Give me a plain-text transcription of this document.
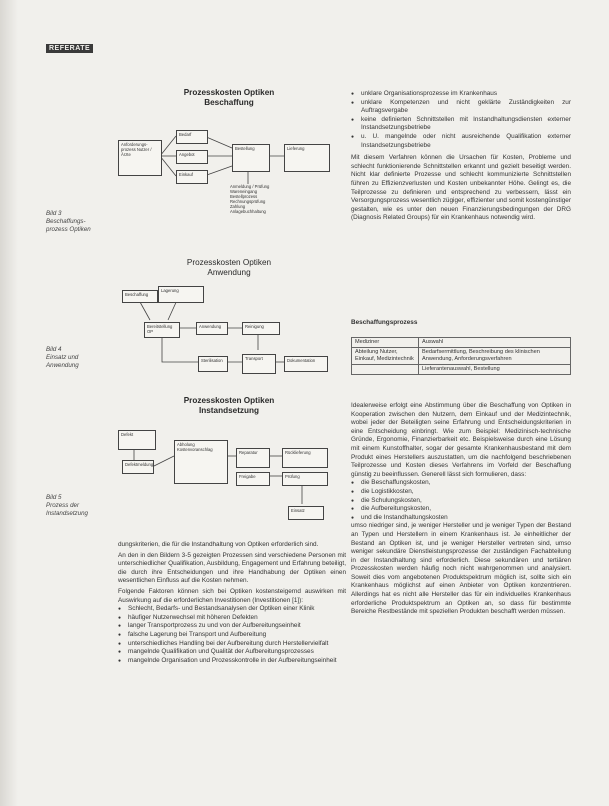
REFERATE
Bild 3
Beschaffungs-
prozess Optiken
Bild 4
Einsatz und
Anwendung
Bild 5
Prozess der
Instandsetzung
Prozesskosten Optiken
Beschaffung
Anforderungs-prozess Nutzer / Ärzte
Bedarf
Angebot
Einkauf
Bestellung	Lieferung
Anmeldung / Prüfung
Wareneingang
Bestellprozess
Rechnungsprüfung
Zahlung
Anlagebuchhaltung
Prozesskosten Optiken
Anwendung
Beschaffung
Lagerung
Bereitstellung OP
Anwendung	Reinigung
Sterilisation	Transport	Dokumentation
Prozesskosten Optiken
Instandsetzung
Defekt
Defektmeldung
Abholung
Kostenvoranschlag
Reparatur
Freigabe
Rücklieferung
Prüfung
Einsatz

dungskriterien, die für die Instandhaltung von Optiken erforderlich sind.

An den in den Bildern 3-5 gezeigten Prozessen sind verschiedene Personen mit unterschiedlicher Qualifikation, Ausbildung, Engagement und Erfahrung beteiligt, die durch ihre Entscheidungen und ihre Handhabung der Optiken einen wesentlichen Einfluss auf die Kosten nehmen.

Folgende Faktoren können sich bei Optiken kostensteigernd auswirken mit Auswirkung auf die erforderlichen Investitionen (Investitionen [1]):

● Schlecht, Bedarfs- und Bestandsanalysen der Optiken einer Klinik
● häufiger Nutzerwechsel mit höheren Defekten
● langer Transportprozess zu und von der Aufbereitungseinheit
● falsche Lagerung bei Transport und Aufbereitung
● unterschiedliches Handling bei der Aufbereitung durch Herstellervielfalt
● mangelnde Qualifikation und Qualität der Aufbereitungsprozesses
● mangelnde Organisation und Prozesskontrolle in der Aufbereitungseinheit
● unklare Organisationsprozesse im Krankenhaus
● unklare Kompetenzen und nicht geklärte Zuständigkeiten zur Auftragsvergabe
● keine definierten Schnittstellen mit Instandhaltungsdiensten externer Instandsetzungsbetriebe
● u. U. mangelnde oder nicht ausreichende Qualifikation externer Instandsetzungsbetriebe

Mit diesem Verfahren können die Ursachen für Kosten, Probleme und schlecht funktionierende Schnittstellen erkannt und gezielt beseitigt werden. Nicht klar definierte Prozesse und schlecht kommunizierte Schnittstellen führen zu Effizienzverlusten und Kosten unbekannter Höhe. Gelingt es, die Teilprozesse zu definieren und entsprechend zu verbessern, lässt ein Versorgungsprozess wesentlich zügiger, effizienter und somit kostengünstiger gestalten, wie es unter den neuen Finanzierungsbedingungen der DRG (Diagnosis Related Groups) für ein Krankenhaus notwendig wird.

Beschaffungsprozess
Mediziner	Auswahl
Abteilung Nutzer, Einkauf, Medizintechnik	Bedarfsermittlung, Beschreibung des klinischen Anwendung, Anforderungsverfahren
	Lieferantenauswahl, Bestellung

Idealerweise erfolgt eine Abstimmung über die Beschaffung von Optiken in Kooperation zwischen den Nutzern, dem Einkauf und der Medizintechnik, wobei jeder der Beteiligten seine Erfahrung und Entscheidungskriterien in eine Entscheidung einbringt. Wie zum Beispiel: Medizinisch-technische Gründe, Ergonomie, Finanzierbarkeit etc. Beispielsweise durch eine Lösung mit einem Kunstoffhalter, sogar der gesamte Krankenhausbestand mit dem Produkt eines Herstellers auszustatten, um die nachfolgend beschriebenen Teilprozesse und Kosten dieses Verfahrens im Vorfeld der Beschaffung günstig zu beeinflussen. Generell lässt sich formulieren, dass:

● die Beschaffungskosten,
● die Logistikkosten,
● die Schulungskosten,
● die Aufbereitungskosten,
● und die Instandhaltungskosten

umso niedriger sind, je weniger Hersteller und je weniger Typen der Bestand an Typen und Herstellern in einem Krankenhaus ist. Je einheitlicher der Bestand an Optiken ist, und je weniger Hersteller vertreten sind, umso weniger sekundäre Dienstleistungsprozesse der zuständigen Fachabteilung in der Instandhaltung sind erforderlich. Diese sekundären und tertiären Prozesskosten werden häufig noch nicht wahrgenommen und analysiert. Soweit dies vom angebotenen Produktspektrum möglich ist, sollte sich ein Krankenhaus möglichst auf einen Anbieter von Optiken konzentrieren. Allerdings hat es nicht alle Hersteller das für ein individuelles Krankenhaus erforderliche Produktspektrum an Optiken an, so dass für bestimmte Bereiche Restbestände mit speziellen Produkten beschafft werden müssen.
